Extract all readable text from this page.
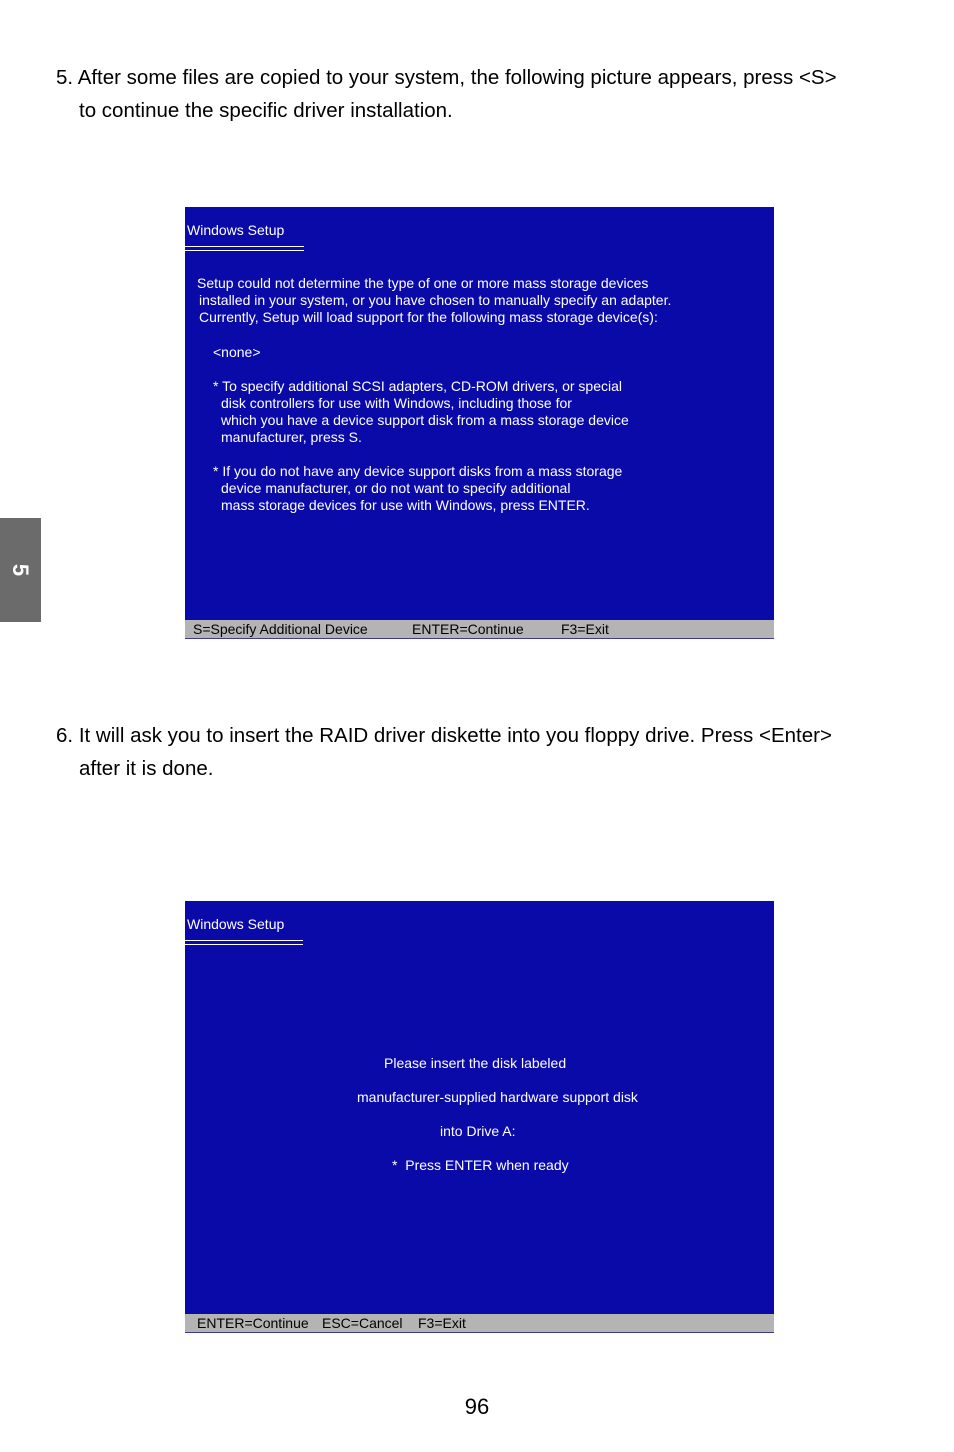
5. After some files are copied to your system, the following picture appears, press <S>
to continue the specific driver installation.

5
Windows Setup
Setup could not determine the type of one or more mass storage devices
installed in your system, or you have chosen to manually specify an adapter.
Currently, Setup will load support for the following mass storage device(s):
<none>
* To specify additional SCSI adapters, CD-ROM drivers, or special
disk controllers for use with Windows, including those for
which you have a device support disk from a mass storage device
manufacturer, press S.
* If you do not have any device support disks from a mass storage
device manufacturer, or do not want to specify additional
mass storage devices for use with Windows, press ENTER.
S=Specify Additional Device	ENTER=Continue	F3=Exit

6. It will ask you to insert the RAID driver diskette into you floppy drive. Press <Enter>
after it is done.

Windows Setup
Please insert the disk labeled
manufacturer-supplied hardware support disk
into Drive A:
*  Press ENTER when ready
ENTER=Continue ESC=Cancel F3=Exit
96
